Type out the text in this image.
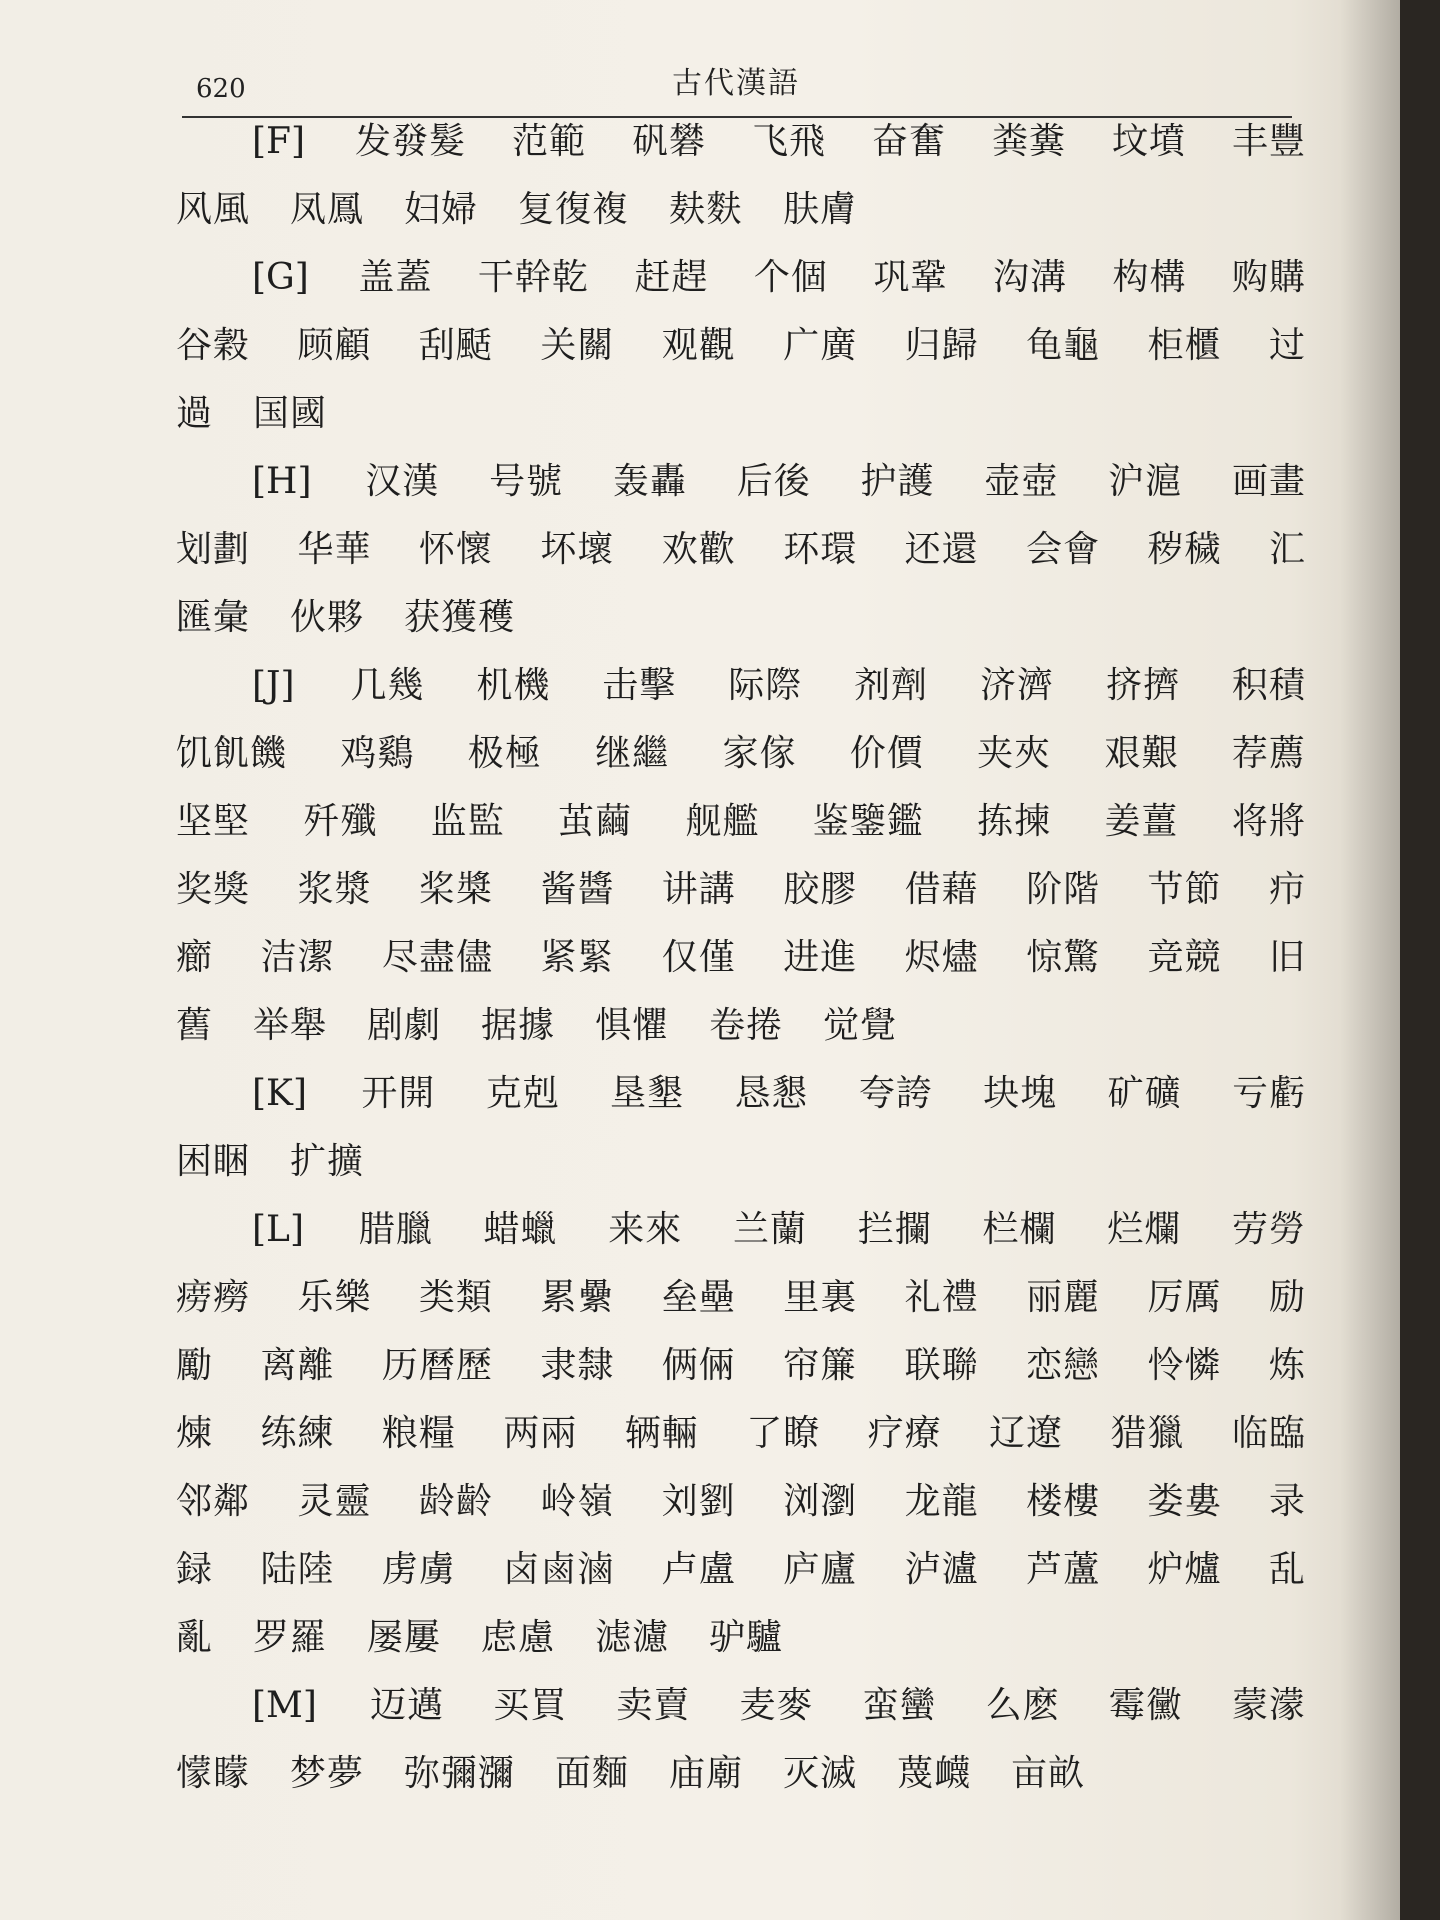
620	古代漢語
[F] 发發髮 范範 矾礬 飞飛 奋奮 粪糞 坟墳 丰豐
风風 凤鳳 妇婦 复復複 麸麩 肤膚
[G] 盖蓋 干幹乾 赶趕 个個 巩鞏 沟溝 构構 购購
谷穀 顾顧 刮颳 关關 观觀 广廣 归歸 龟龜 柜櫃 过
過 国國
[H] 汉漢 号號 轰轟 后後 护護 壶壺 沪滬 画畫
划劃 华華 怀懷 坏壞 欢歡 环環 还還 会會 秽穢 汇
匯彙 伙夥 获獲穫
[J] 几幾 机機 击擊 际際 剂劑 济濟 挤擠 积積
饥飢饑 鸡鷄 极極 继繼 家傢 价價 夹夾 艰艱 荐薦
坚堅 歼殲 监監 茧繭 舰艦 鉴鑒鑑 拣揀 姜薑 将將
奖獎 浆漿 桨槳 酱醬 讲講 胶膠 借藉 阶階 节節 疖
癤 洁潔 尽盡儘 紧緊 仅僅 进進 烬燼 惊驚 竞競 旧
舊 举舉 剧劇 据據 惧懼 卷捲 觉覺
[K] 开開 克剋 垦墾 恳懇 夸誇 块塊 矿礦 亏虧
困睏 扩擴
[L] 腊臘 蜡蠟 来來 兰蘭 拦攔 栏欄 烂爛 劳勞
痨癆 乐樂 类類 累纍 垒壘 里裏 礼禮 丽麗 厉厲 励
勵 离離 历曆歷 隶隸 俩倆 帘簾 联聯 恋戀 怜憐 炼
煉 练練 粮糧 两兩 辆輛 了瞭 疗療 辽遼 猎獵 临臨
邻鄰 灵靈 龄齡 岭嶺 刘劉 浏瀏 龙龍 楼樓 娄婁 录
録 陆陸 虏虜 卤鹵滷 卢盧 庐廬 泸瀘 芦蘆 炉爐 乱
亂 罗羅 屡屢 虑慮 滤濾 驴驢
[M] 迈邁 买買 卖賣 麦麥 蛮蠻 么麽 霉黴 蒙濛
懞矇 梦夢 弥彌瀰 面麵 庙廟 灭滅 蔑衊 亩畝
